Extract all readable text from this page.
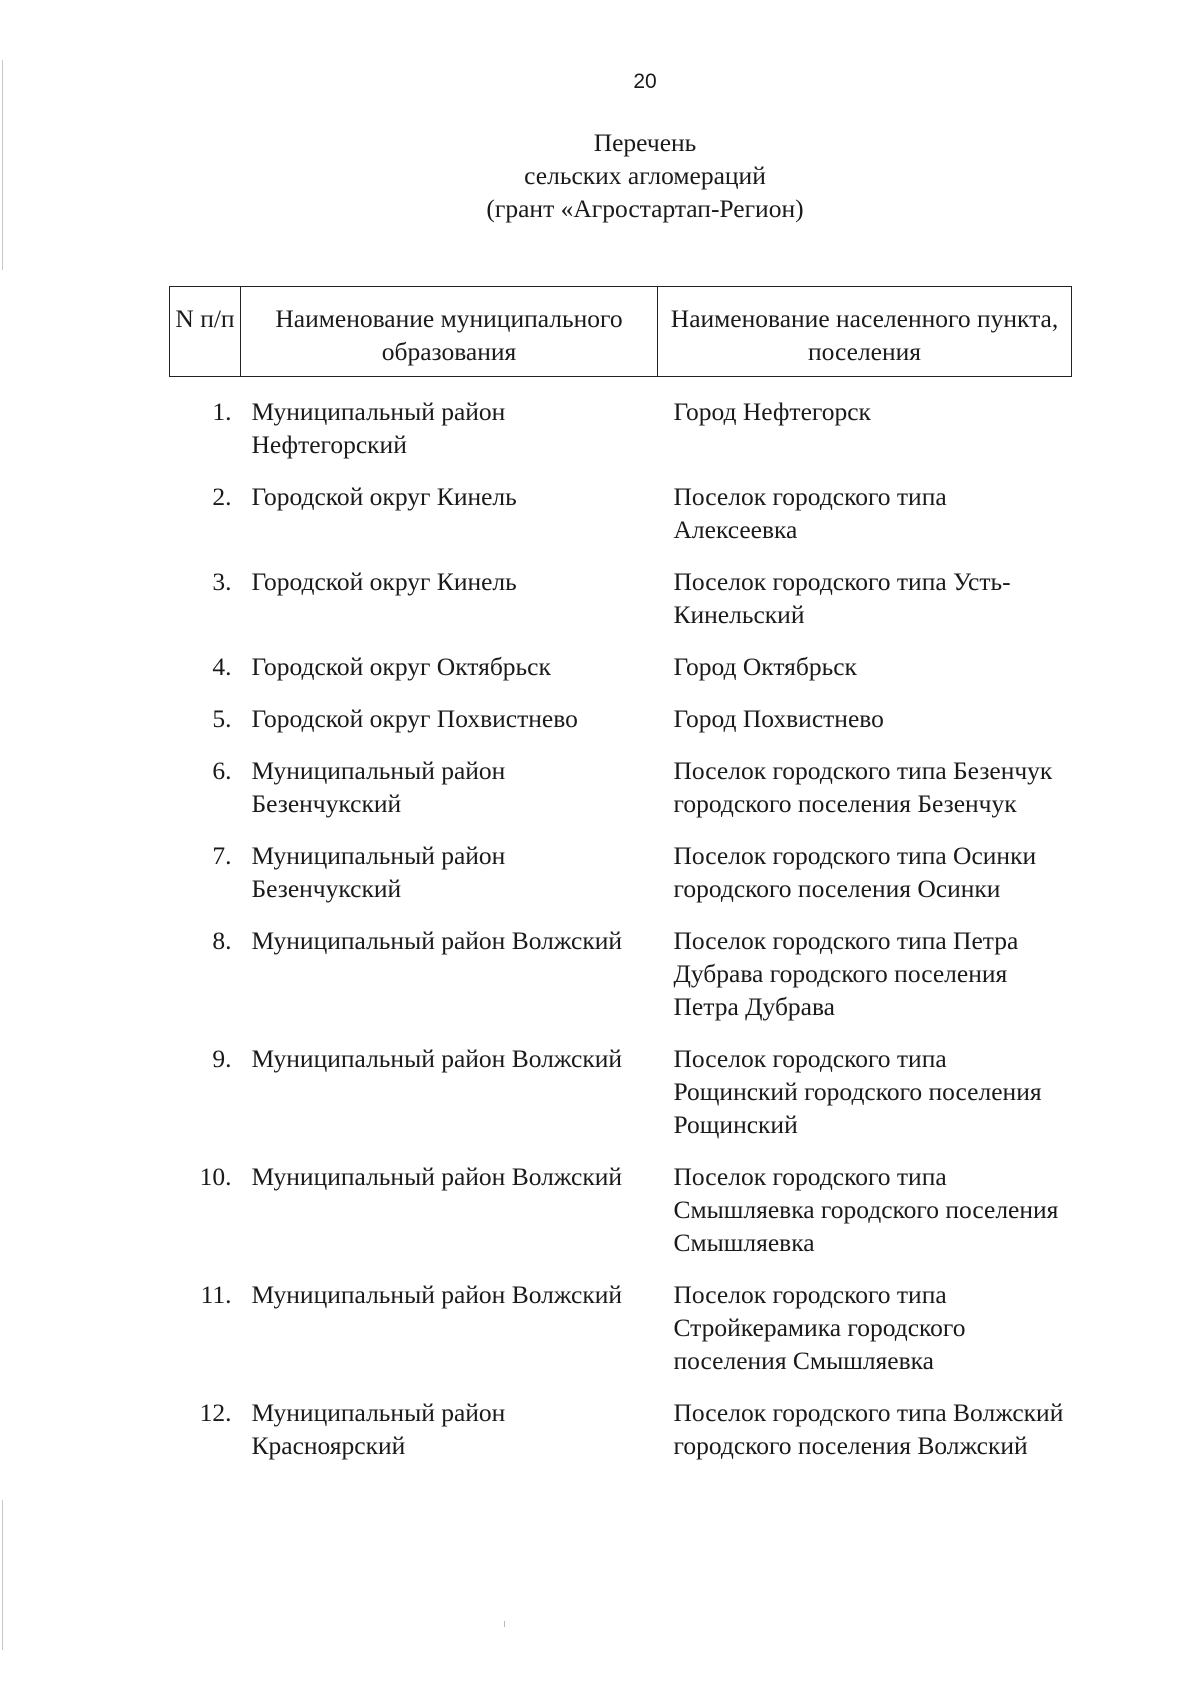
20
Перечень
сельских агломераций
(грант «Агростартап-Регион)
N п/п	Наименование муниципального образования	Наименование населенного пункта, поселения
1.	Муниципальный район Нефтегорский	Город Нефтегорск

2.	Городской округ Кинель	Поселок городского типа Алексеевка

3.	Городской округ Кинель	Поселок городского типа Усть-Кинельский

4.	Городской округ Октябрьск	Город Октябрьск

5.	Городской округ Похвистнево	Город Похвистнево

6.	Муниципальный район Безенчукский	Поселок городского типа Безенчук городского поселения Безенчук

7.	Муниципальный район Безенчукский	Поселок городского типа Осинки городского поселения Осинки

8.	Муниципальный район Волжский	Поселок городского типа Петра Дубрава городского поселения Петра Дубрава

9.	Муниципальный район Волжский	Поселок городского типа Рощинский городского поселения Рощинский

10.	Муниципальный район Волжский	Поселок городского типа Смышляевка городского поселения Смышляевка

11.	Муниципальный район Волжский	Поселок городского типа Стройкерамика городского поселения Смышляевка

12.	Муниципальный район Красноярский	Поселок городского типа Волжский городского поселения Волжский
